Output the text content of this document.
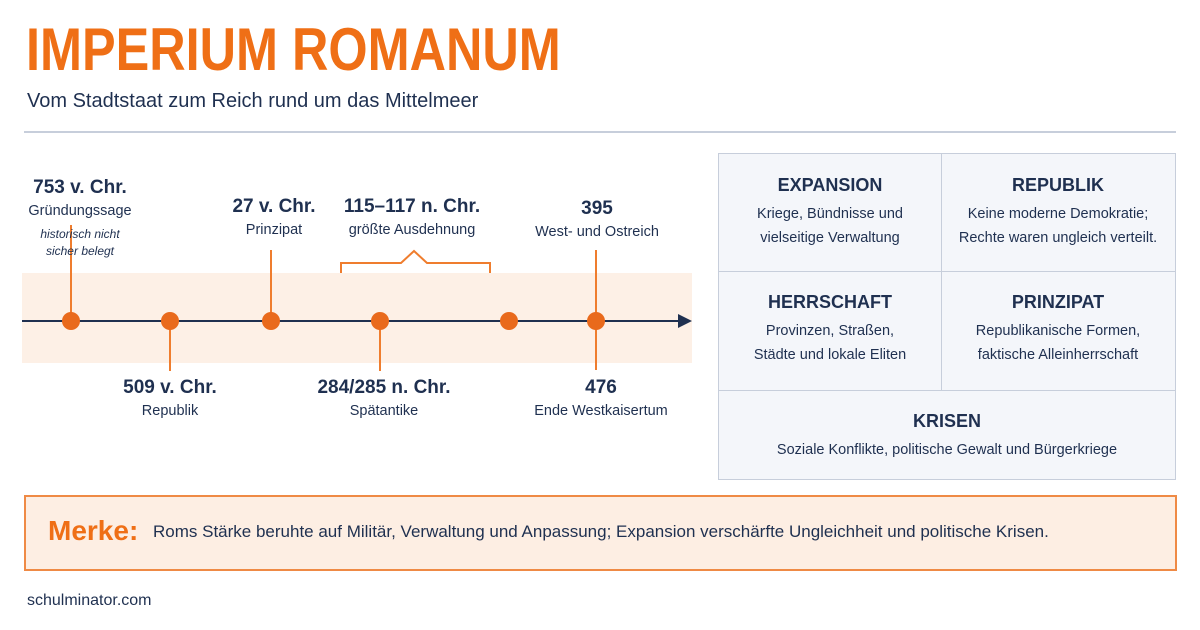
IMPERIUM ROMANUM
Vom Stadtstaat zum Reich rund um das Mittelmeer
753 v. Chr.
Gründungssage
historisch nicht
sicher belegt
509 v. Chr.
Republik
27 v. Chr.
Prinzipat
284/285 n. Chr.
Spätantike
115–117 n. Chr.
größte Ausdehnung
395
West- und Ostreich
476
Ende Westkaisertum
EXPANSION
Kriege, Bündnisse und
vielseitige Verwaltung
REPUBLIK
Keine moderne Demokratie;
Rechte waren ungleich verteilt.
HERRSCHAFT
Provinzen, Straßen,
Städte und lokale Eliten
PRINZIPAT
Republikanische Formen,
faktische Alleinherrschaft
KRISEN
Soziale Konflikte, politische Gewalt und Bürgerkriege
Merke: Roms Stärke beruhte auf Militär, Verwaltung und Anpassung; Expansion verschärfte Ungleichheit und politische Krisen.
schulminator.com
